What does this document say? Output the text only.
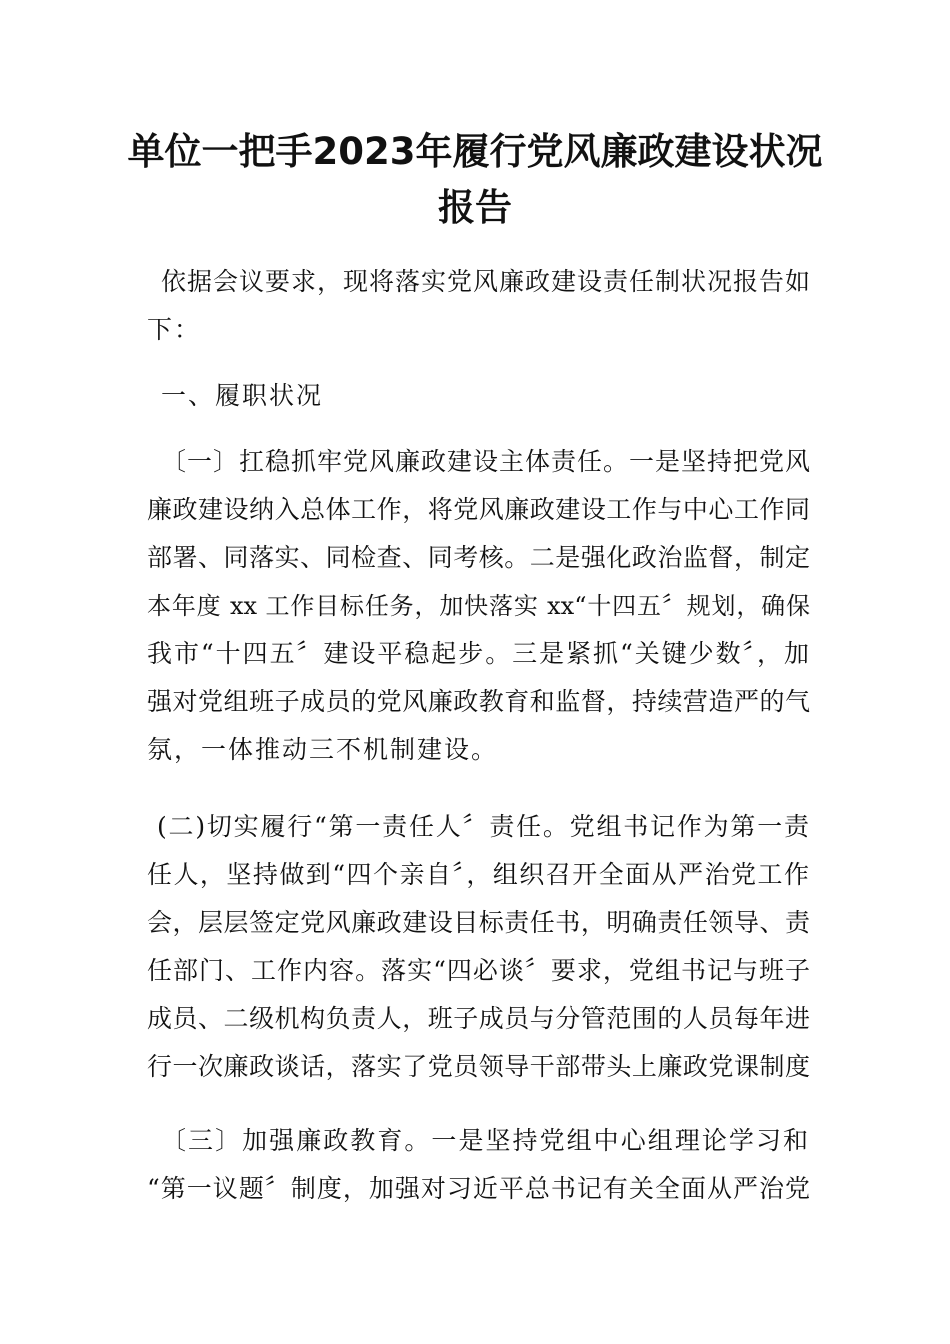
单位一把手2023年履行党风廉政建设状况
报告
依据会议要求，现将落实党风廉政建设责任制状况报告如
下：
一、履职状况
〔一〕扛稳抓牢党风廉政建设主体责任。一是坚持把党风
廉政建设纳入总体工作，将党风廉政建设工作与中心工作同
部署、同落实、同检查、同考核。二是强化政治监督，制定
本年度 xx 工作目标任务，加快落实 xx“十四五〞规划，确保
我市“十四五〞建设平稳起步。三是紧抓“关键少数〞，加
强对党组班子成员的党风廉政教育和监督，持续营造严的气
氛，一体推动三不机制建设。
(二)切实履行“第一责任人〞责任。党组书记作为第一责
任人，坚持做到“四个亲自〞，组织召开全面从严治党工作
会，层层签定党风廉政建设目标责任书，明确责任领导、责
任部门、工作内容。落实“四必谈〞要求，党组书记与班子
成员、二级机构负责人，班子成员与分管范围的人员每年进
行一次廉政谈话，落实了党员领导干部带头上廉政党课制度
〔三〕加强廉政教育。一是坚持党组中心组理论学习和
“第一议题〞制度，加强对习近平总书记有关全面从严治党
